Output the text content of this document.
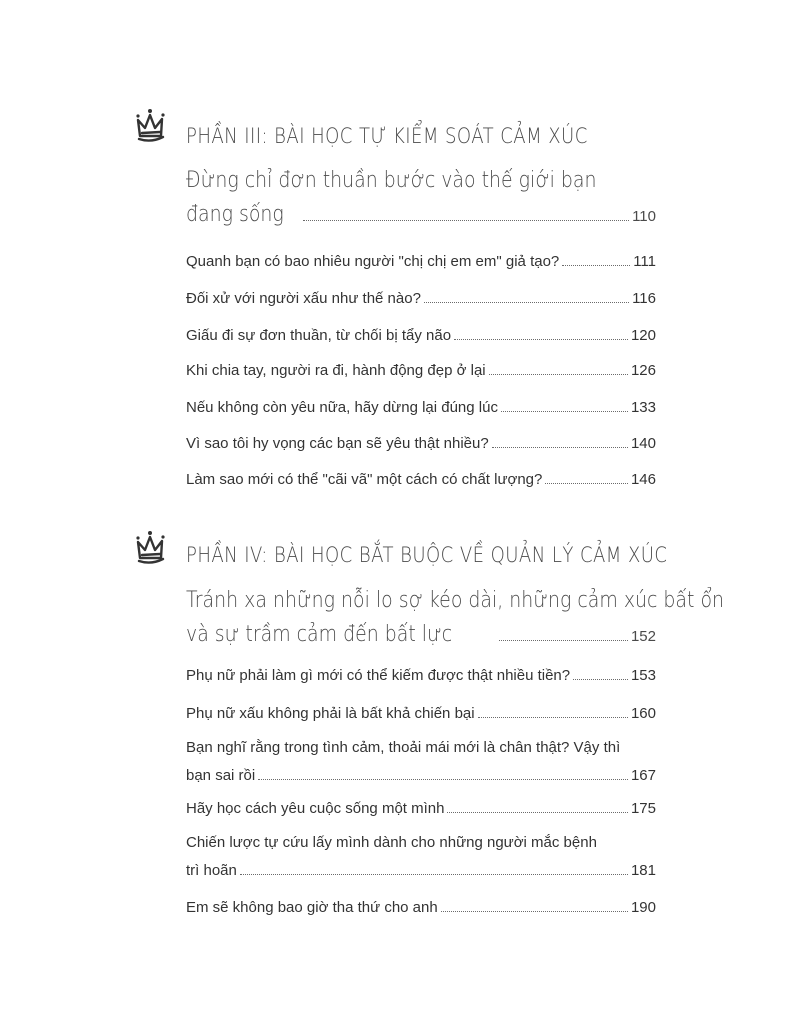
PHẦN III: BÀI HỌC TỰ KIỂM SOÁT CẢM XÚC
Đừng chỉ đơn thuần bước vào thế giới bạn
đang sống	110
Quanh bạn có bao nhiêu người "chị chị em em" giả tạo?	111
Đối xử với người xấu như thế nào?	116
Giấu đi sự đơn thuần, từ chối bị tẩy não	120
Khi chia tay, người ra đi, hành động đẹp ở lại	126
Nếu không còn yêu nữa, hãy dừng lại đúng lúc	133
Vì sao tôi hy vọng các bạn sẽ yêu thật nhiều?	140
Làm sao mới có thể "cãi vã" một cách có chất lượng?	146
PHẦN IV: BÀI HỌC BẮT BUỘC VỀ QUẢN LÝ CẢM XÚC
Tránh xa những nỗi lo sợ kéo dài, những cảm xúc bất ổn
và sự trầm cảm đến bất lực	152
Phụ nữ phải làm gì mới có thể kiếm được thật nhiều tiền?	153
Phụ nữ xấu không phải là bất khả chiến bại	160
Bạn nghĩ rằng trong tình cảm, thoải mái mới là chân thật? Vậy thì
bạn sai rồi	167
Hãy học cách yêu cuộc sống một mình	175
Chiến lược tự cứu lấy mình dành cho những người mắc bệnh
trì hoãn	181
Em sẽ không bao giờ tha thứ cho anh	190
